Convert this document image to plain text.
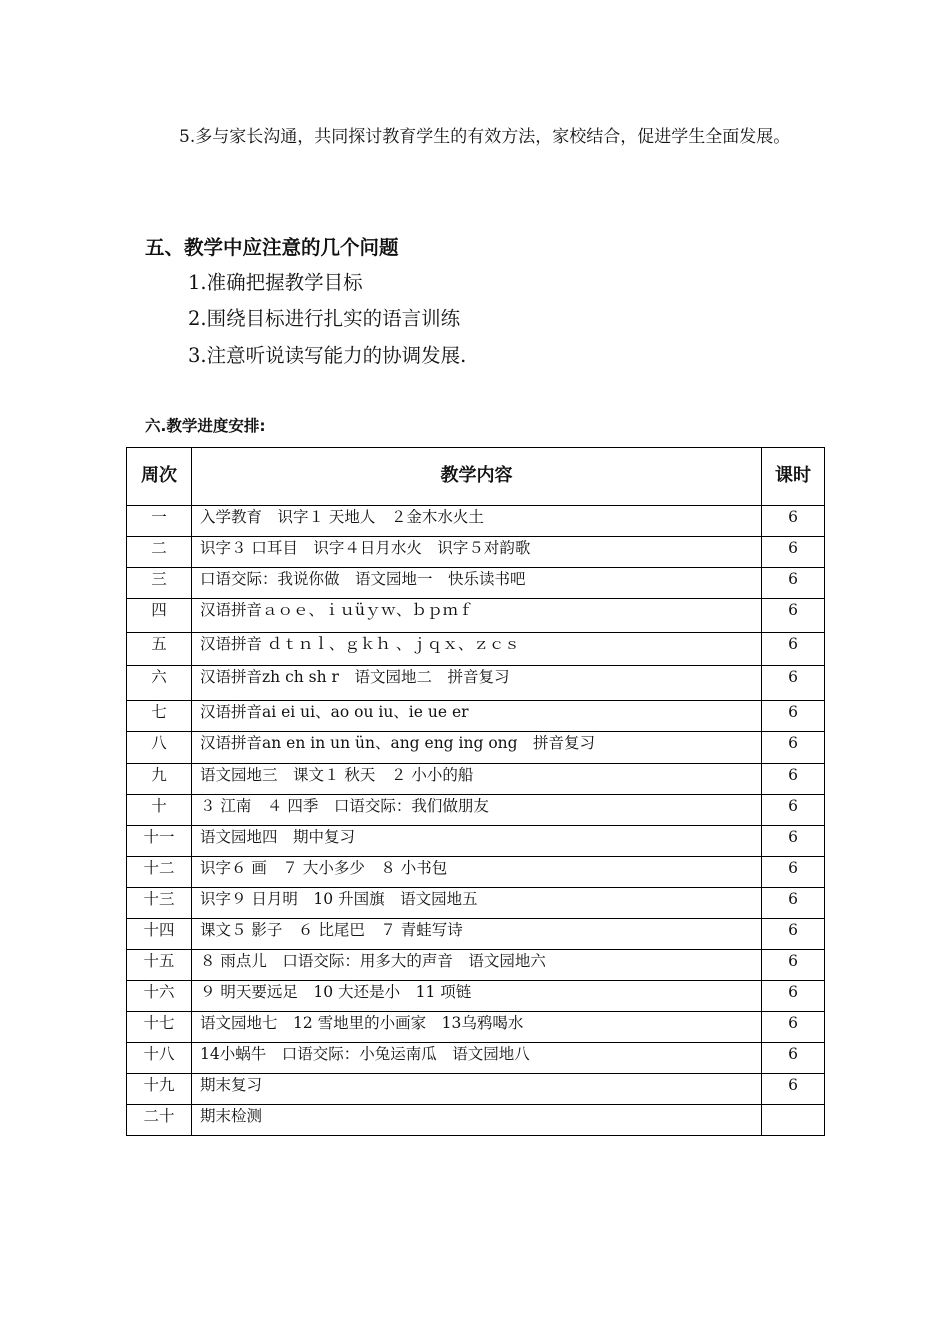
5.多与家长沟通，共同探讨教育学生的有效方法，家校结合，促进学生全面发展。
五、教学中应注意的几个问题
1.准确把握教学目标
2.围绕目标进行扎实的语言训练
3.注意听说读写能力的协调发展.
六.教学进度安排:
周次	教学内容	课时
一	入学教育　识字１ 天地人　２金木水火土	6
二	识字３ 口耳目　识字４日月水火　识字５对韵歌	6
三	口语交际：我说你做　语文园地一　快乐读书吧	6
四	汉语拼音ａｏｅ、ｉｕüｙｗ、ｂｐｍｆ	6
五	汉语拼音 ｄｔｎｌ、ｇｋｈ 、ｊｑｘ、ｚｃｓ	6
六	汉语拼音zh ch sh r　语文园地二　拼音复习	6
七	汉语拼音ai ei ui、ao ou iu、ie ue er	6
八	汉语拼音an en in un ün、ang eng ing ong　拼音复习	6
九	语文园地三　课文１ 秋天　２ 小小的船	6
十	３ 江南　４ 四季　口语交际：我们做朋友	6
十一	语文园地四　期中复习	6
十二	识字６ 画　７ 大小多少　８ 小书包	6
十三	识字９ 日月明　10 升国旗　语文园地五	6
十四	课文５ 影子　６ 比尾巴　７ 青蛙写诗	6
十五	８ 雨点儿　口语交际：用多大的声音　语文园地六	6
十六	９ 明天要远足　10 大还是小　11 项链	6
十七	语文园地七　12 雪地里的小画家　13乌鸦喝水	6
十八	14小蜗牛　口语交际：小兔运南瓜　语文园地八	6
十九	期末复习	6
二十	期末检测	
